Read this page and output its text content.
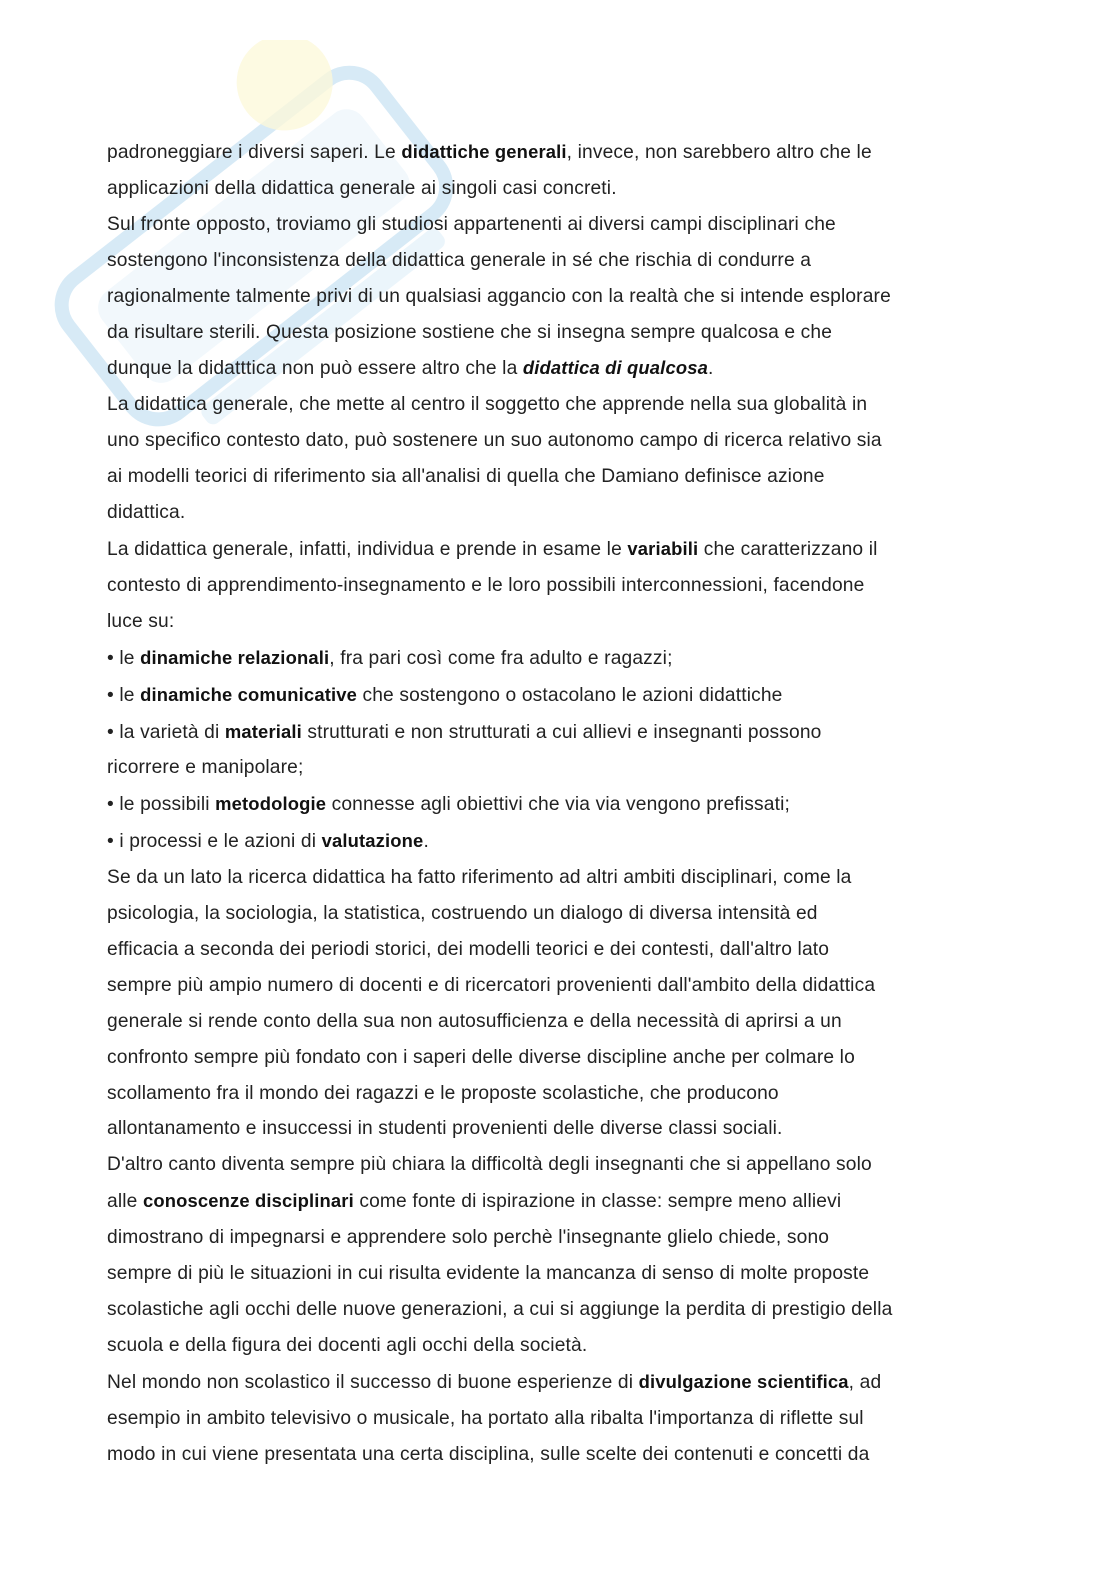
padroneggiare i diversi saperi. Le didattiche generali, invece, non sarebbero altro che le

applicazioni della didattica generale ai singoli casi concreti.

Sul fronte opposto, troviamo gli studiosi appartenenti ai diversi campi disciplinari che

sostengono l'inconsistenza della didattica generale in sé che rischia di condurre a

ragionalmente talmente privi di un qualsiasi aggancio con la realtà che si intende esplorare

da risultare sterili. Questa posizione sostiene che si insegna sempre qualcosa e che

dunque la didatttica non può essere altro che la didattica di qualcosa.

La didattica generale, che mette al centro il soggetto che apprende nella sua globalità in

uno specifico contesto dato, può sostenere un suo autonomo campo di ricerca relativo sia

ai modelli teorici di riferimento sia all'analisi di quella che Damiano definisce azione

didattica.

La didattica generale, infatti, individua e prende in esame le variabili che caratterizzano il

contesto di apprendimento-insegnamento e le loro possibili interconnessioni, facendone

luce su:

• le dinamiche relazionali, fra pari così come fra adulto e ragazzi;

• le dinamiche comunicative che sostengono o ostacolano le azioni didattiche

• la varietà di materiali strutturati e non strutturati a cui allievi e insegnanti possono

ricorrere e manipolare;

• le possibili metodologie connesse agli obiettivi che via via vengono prefissati;

• i processi e le azioni di valutazione.

Se da un lato la ricerca didattica ha fatto riferimento ad altri ambiti disciplinari, come la

psicologia, la sociologia, la statistica, costruendo un dialogo di diversa intensità ed

efficacia a seconda dei periodi storici, dei modelli teorici e dei contesti, dall'altro lato

sempre più ampio numero di docenti e di ricercatori provenienti dall'ambito della didattica

generale si rende conto della sua non autosufficienza e della necessità di aprirsi a un

confronto sempre più fondato con i saperi delle diverse discipline anche per colmare lo

scollamento fra il mondo dei ragazzi e le proposte scolastiche, che producono

allontanamento e insuccessi in studenti provenienti delle diverse classi sociali.

D'altro canto diventa sempre più chiara la difficoltà degli insegnanti che si appellano solo

alle conoscenze disciplinari come fonte di ispirazione in classe: sempre meno allievi

dimostrano di impegnarsi e apprendere solo perchè l'insegnante glielo chiede, sono

sempre di più le situazioni in cui risulta evidente la mancanza di senso di molte proposte

scolastiche agli occhi delle nuove generazioni, a cui si aggiunge la perdita di prestigio della

scuola e della figura dei docenti agli occhi della società.

Nel mondo non scolastico il successo di buone esperienze di divulgazione scientifica, ad

esempio in ambito televisivo o musicale, ha portato alla ribalta l'importanza di riflette sul

modo in cui viene presentata una certa disciplina, sulle scelte dei contenuti e concetti da
